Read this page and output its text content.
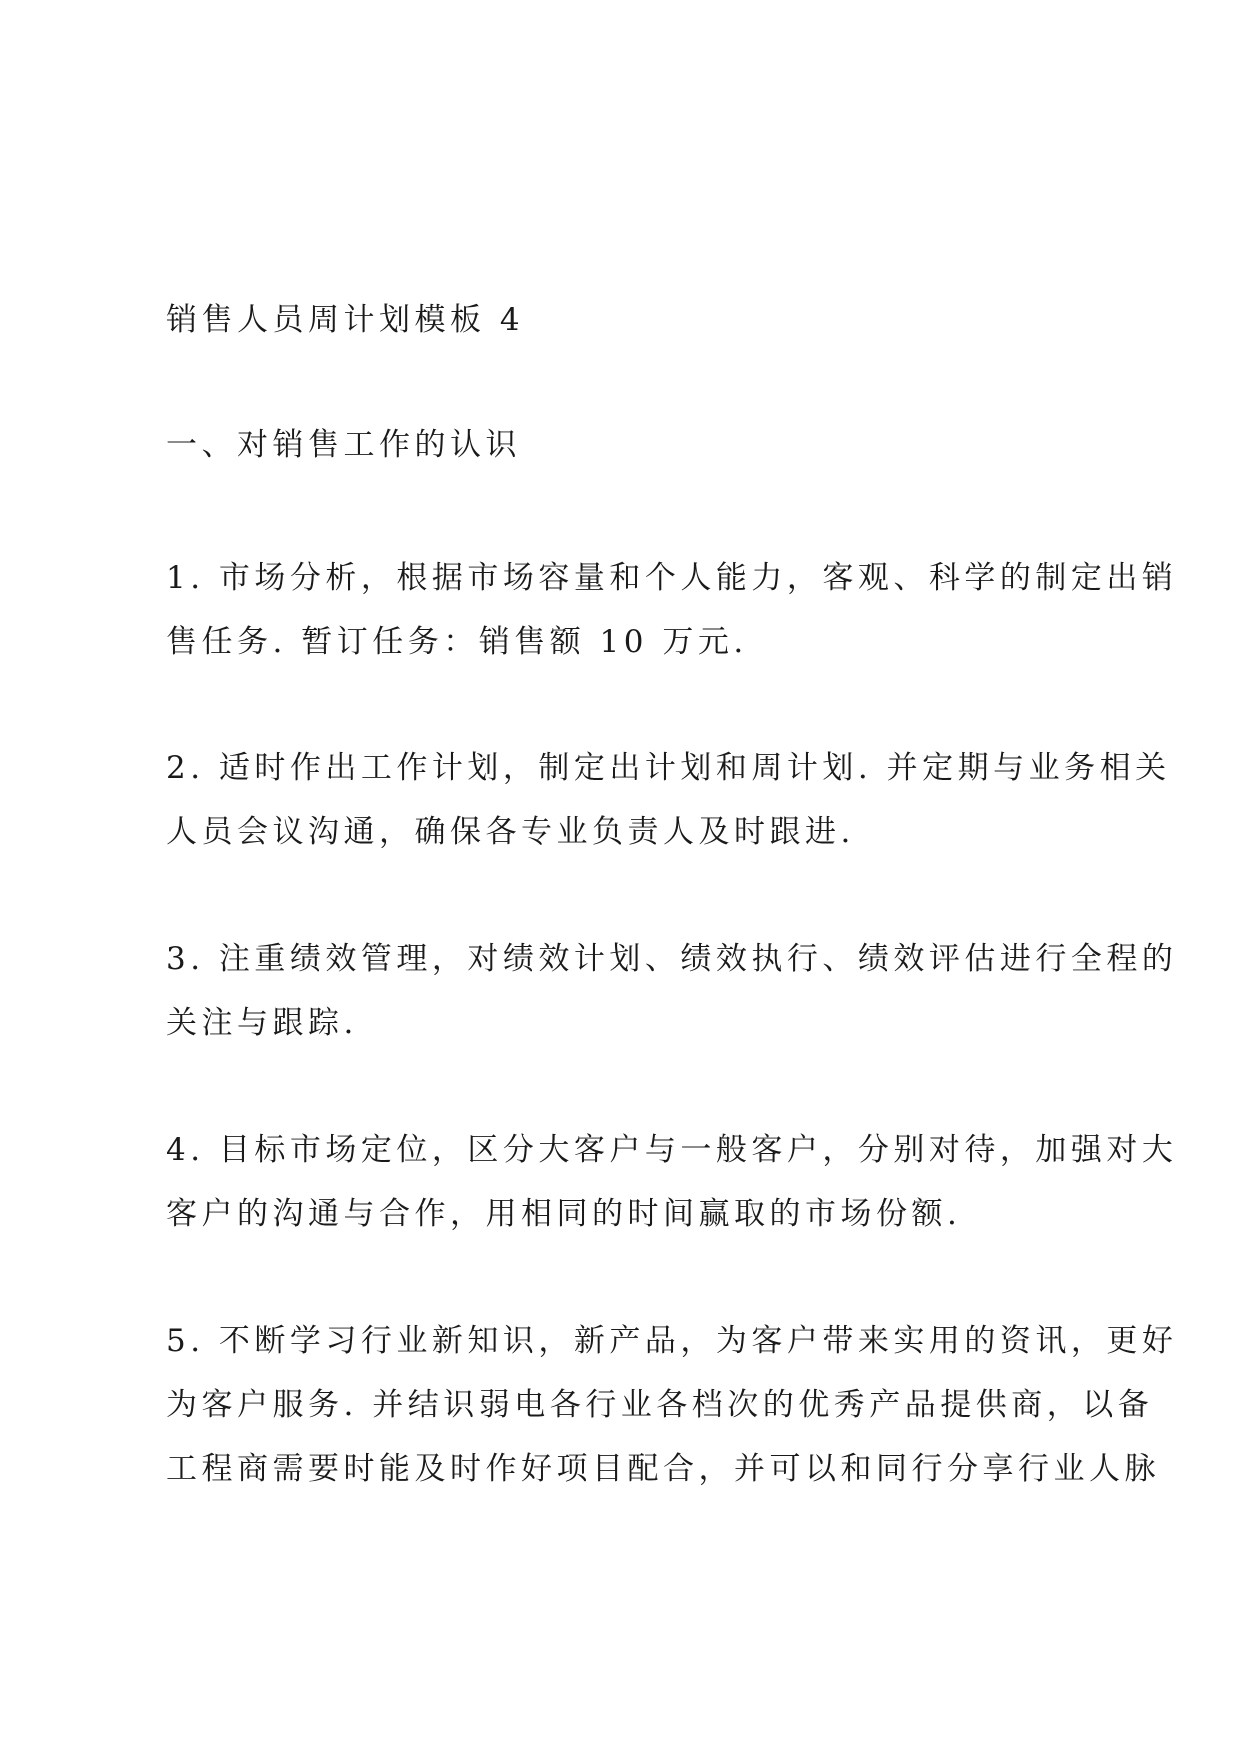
销售人员周计划模板 4
一、对销售工作的认识
1. 市场分析，根据市场容量和个人能力，客观、科学的制定出销
售任务. 暂订任务：销售额 10 万元.
2. 适时作出工作计划，制定出计划和周计划. 并定期与业务相关
人员会议沟通，确保各专业负责人及时跟进.
3. 注重绩效管理，对绩效计划、绩效执行、绩效评估进行全程的
关注与跟踪.
4. 目标市场定位，区分大客户与一般客户，分别对待，加强对大
客户的沟通与合作，用相同的时间赢取的市场份额.
5. 不断学习行业新知识，新产品，为客户带来实用的资讯，更好
为客户服务. 并结识弱电各行业各档次的优秀产品提供商，以备
工程商需要时能及时作好项目配合，并可以和同行分享行业人脉
